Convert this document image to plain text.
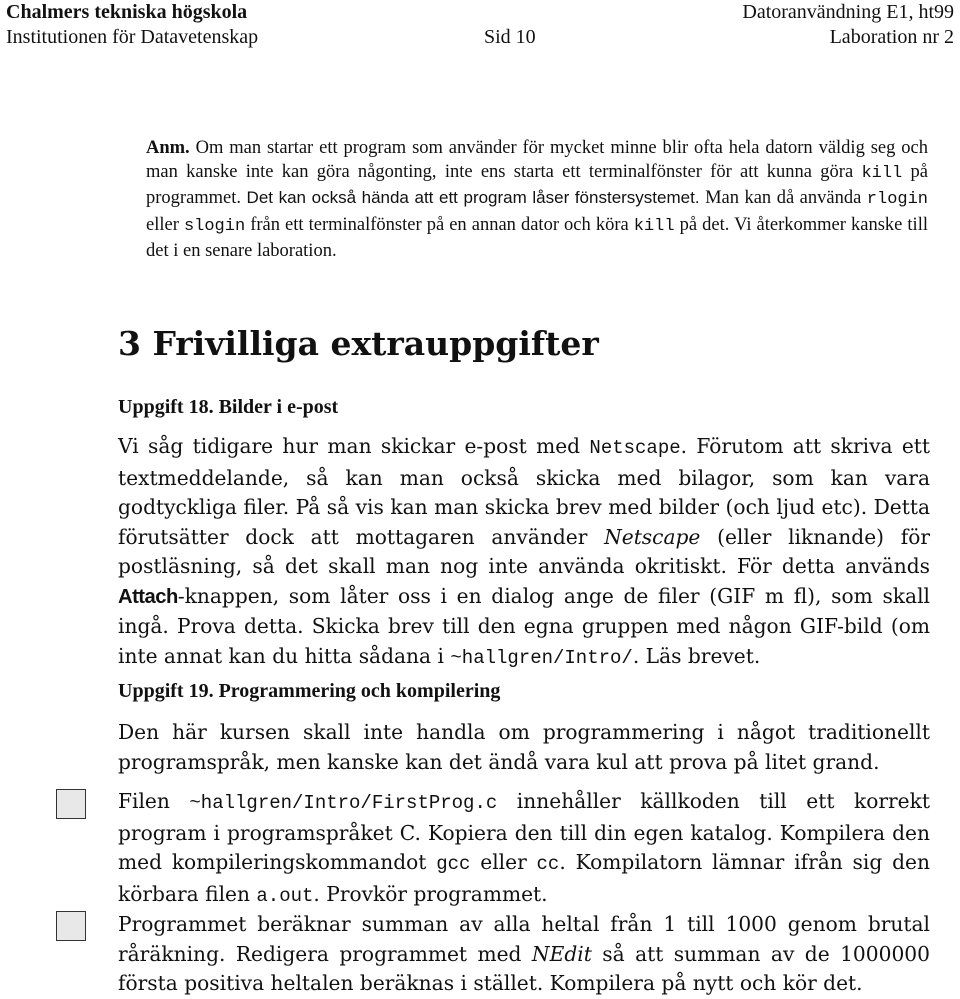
Chalmers tekniska högskola	Datoranvändning E1, ht99
Institutionen för Datavetenskap	Sid 10	Laboration nr 2
Anm. Om man startar ett program som använder för mycket minne blir ofta hela datorn väldig seg och man kanske inte kan göra någonting, inte ens starta ett terminalfönster för att kunna göra kill på programmet. Det kan också hända att ett program låser fönstersystemet. Man kan då använda rlogin eller slogin från ett terminalfönster på en annan dator och köra kill på det. Vi återkommer kanske till det i en senare laboration.
3 Frivilliga extrauppgifter
Uppgift 18. Bilder i e-post
Vi såg tidigare hur man skickar e-post med Netscape. Förutom att skriva ett textmeddelande, så kan man också skicka med bilagor, som kan vara godtyckliga filer. På så vis kan man skicka brev med bilder (och ljud etc). Detta förutsätter dock att mottagaren använder Netscape (eller liknande) för postläsning, så det skall man nog inte använda okritiskt. För detta används Attach-knappen, som låter oss i en dialog ange de filer (GIF m fl), som skall ingå. Prova detta. Skicka brev till den egna gruppen med någon GIF-bild (om inte annat kan du hitta sådana i ~hallgren/Intro/. Läs brevet.
Uppgift 19. Programmering och kompilering
Den här kursen skall inte handla om programmering i något traditionellt programspråk, men kanske kan det ändå vara kul att prova på litet grand.
Filen ~hallgren/Intro/FirstProg.c innehåller källkoden till ett korrekt program i programspråket C. Kopiera den till din egen katalog. Kompilera den med kompileringskommandot gcc eller cc. Kompilatorn lämnar ifrån sig den körbara filen a.out. Provkör programmet.
Programmet beräknar summan av alla heltal från 1 till 1000 genom brutal råräkning. Redigera programmet med NEdit så att summan av de 1000000 första positiva heltalen beräknas i stället. Kompilera på nytt och kör det.
